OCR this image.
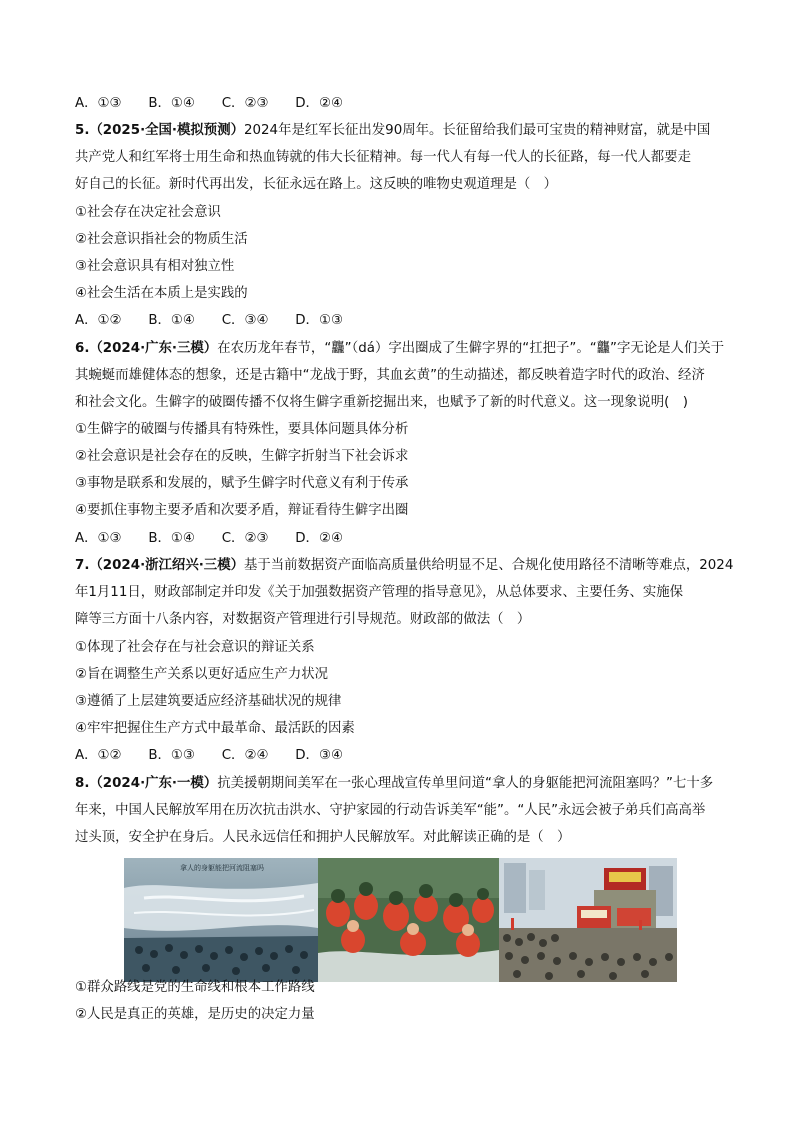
A．①③　　B．①④　　C．②③　　D．②④
5.（2025·全国·模拟预测）2024年是红军长征出发90周年。长征留给我们最可宝贵的精神财富，就是中国
共产党人和红军将士用生命和热血铸就的伟大长征精神。每一代人有每一代人的长征路，每一代人都要走
好自己的长征。新时代再出发，长征永远在路上。这反映的唯物史观道理是（　）
①社会存在决定社会意识
②社会意识指社会的物质生活
③社会意识具有相对独立性
④社会生活在本质上是实践的
A．①②　　B．①④　　C．③④　　D．①③
6.（2024·广东·三模）在农历龙年春节，“龘”（dá）字出圈成了生僻字界的“扛把子”。“龘”字无论是人们关于
其蜿蜒而雄健体态的想象，还是古籍中“龙战于野，其血玄黄”的生动描述，都反映着造字时代的政治、经济
和社会文化。生僻字的破圈传播不仅将生僻字重新挖掘出来，也赋予了新的时代意义。这一现象说明(　)
①生僻字的破圈与传播具有特殊性，要具体问题具体分析
②社会意识是社会存在的反映，生僻字折射当下社会诉求
③事物是联系和发展的，赋予生僻字时代意义有利于传承
④要抓住事物主要矛盾和次要矛盾，辩证看待生僻字出圈
A．①③　　B．①④　　C．②③　　D．②④
7.（2024·浙江绍兴·三模）基于当前数据资产面临高质量供给明显不足、合规化使用路径不清晰等难点，2024
年1月11日，财政部制定并印发《关于加强数据资产管理的指导意见》，从总体要求、主要任务、实施保
障等三方面十八条内容，对数据资产管理进行引导规范。财政部的做法（　）
①体现了社会存在与社会意识的辩证关系
②旨在调整生产关系以更好适应生产力状况
③遵循了上层建筑要适应经济基础状况的规律
④牢牢把握住生产方式中最革命、最活跃的因素
A．①②　　B．①③　　C．②④　　D．③④
8.（2024·广东·一模）抗美援朝期间美军在一张心理战宣传单里问道“拿人的身躯能把河流阻塞吗？”七十多
年来，中国人民解放军用在历次抗击洪水、守护家园的行动告诉美军“能”。“人民”永远会被子弟兵们高高举
过头顶，安全护在身后。人民永远信任和拥护人民解放军。对此解读正确的是（　）
拿人的身躯能把河流阻塞吗
①群众路线是党的生命线和根本工作路线
②人民是真正的英雄，是历史的决定力量
